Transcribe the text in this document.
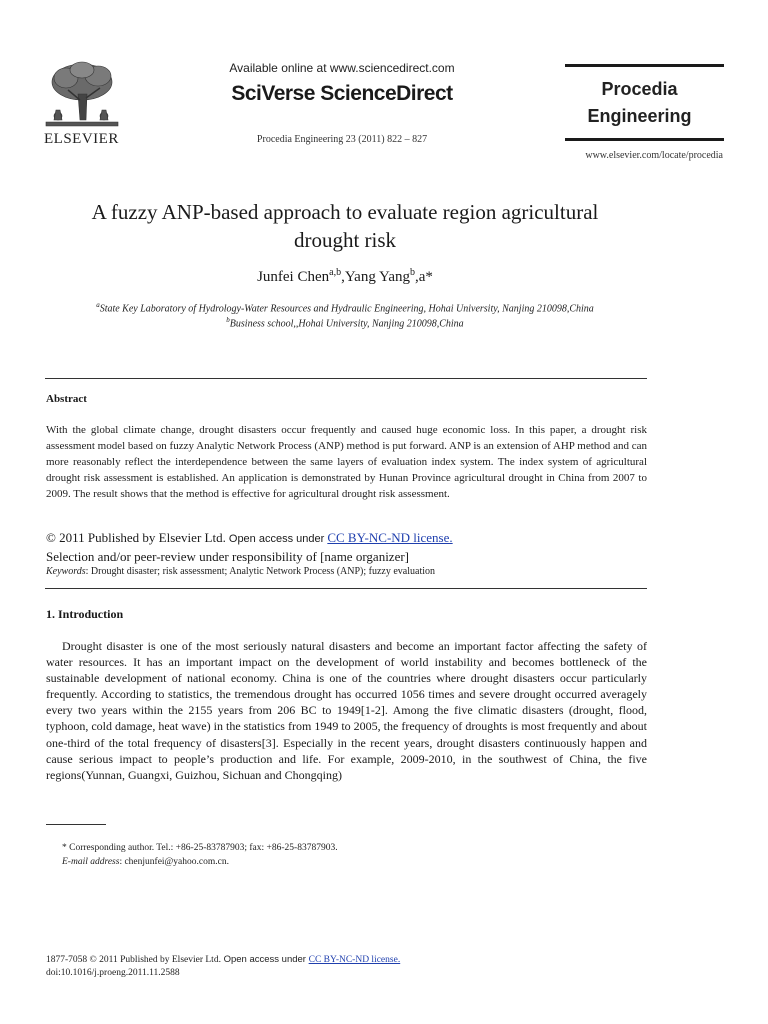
ELSEVIER
Available online at www.sciencedirect.com
SciVerse ScienceDirect
Procedia Engineering 23 (2011) 822 – 827
Procedia
Engineering
www.elsevier.com/locate/procedia
A fuzzy ANP-based approach to evaluate region agricultural
drought risk
Junfei Chen$^{a,b}$,Yang Yang$^b$,a*
$^a$State Key Laboratory of Hydrology-Water Resources and Hydraulic Engineering, Hohai University, Nanjing 210098,China
$^b$Business school,,Hohai University, Nanjing 210098,China
Abstract
With the global climate change, drought disasters occur frequently and caused huge economic loss. In this paper, a drought risk assessment model based on fuzzy Analytic Network Process (ANP) method is put forward. ANP is an extension of AHP method and can more reasonably reflect the interdependence between the same layers of evaluation index system. The index system of agricultural drought risk assessment is established. An application is demonstrated by Hunan Province agricultural drought in China from 2007 to 2009. The result shows that the method is effective for agricultural drought risk assessment.
© 2011 Published by Elsevier Ltd. Open access under CC BY-NC-ND license.
Selection and/or peer-review under responsibility of [name organizer]
Keywords: Drought disaster; risk assessment; Analytic Network Process (ANP); fuzzy evaluation
1. Introduction
Drought disaster is one of the most seriously natural disasters and become an important factor affecting the safety of water resources. It has an important impact on the development of world instability and becomes bottleneck of the sustainable development of national economy. China is one of the countries where drought disasters occur particularly frequently. According to statistics, the tremendous drought has occurred 1056 times and severe drought occurred averagely every two years within the 2155 years from 206 BC to 1949[1-2]. Among the five climatic disasters (drought, flood, typhoon, cold damage, heat wave) in the statistics from 1949 to 2005, the frequency of droughts is most frequently and about one-third of the total frequency of disasters[3]. Especially in the recent years, drought disasters continuously happen and cause serious impact to people’s production and life. For example, 2009-2010, in the southwest of China, the five regions(Yunnan, Guangxi, Guizhou, Sichuan and Chongqing)
* Corresponding author. Tel.: +86-25-83787903; fax: +86-25-83787903.
E-mail address: chenjunfei@yahoo.com.cn.
1877-7058 © 2011 Published by Elsevier Ltd. Open access under CC BY-NC-ND license.
doi:10.1016/j.proeng.2011.11.2588
